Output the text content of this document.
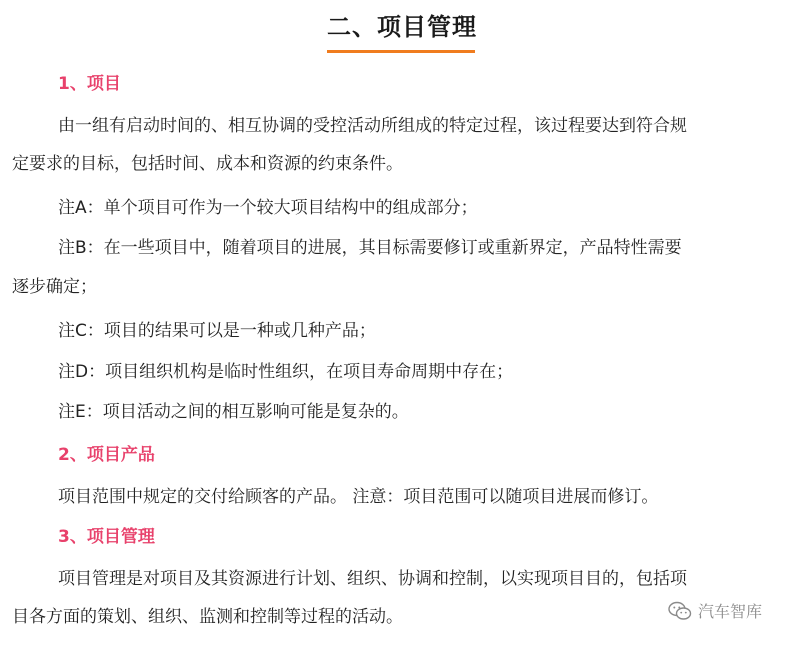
二、项目管理
1、项目
由一组有启动时间的、相互协调的受控活动所组成的特定过程，该过程要达到符合规
定要求的目标，包括时间、成本和资源的约束条件。
注A：单个项目可作为一个较大项目结构中的组成部分；
注B：在一些项目中，随着项目的进展，其目标需要修订或重新界定，产品特性需要
逐步确定；
注C：项目的结果可以是一种或几种产品；
注D：项目组织机构是临时性组织，在项目寿命周期中存在；
注E：项目活动之间的相互影响可能是复杂的。
2、项目产品
项目范围中规定的交付给顾客的产品。 注意：项目范围可以随项目进展而修订。
3、项目管理
项目管理是对项目及其资源进行计划、组织、协调和控制，以实现项目目的，包括项
目各方面的策划、组织、监测和控制等过程的活动。	汽车智库
